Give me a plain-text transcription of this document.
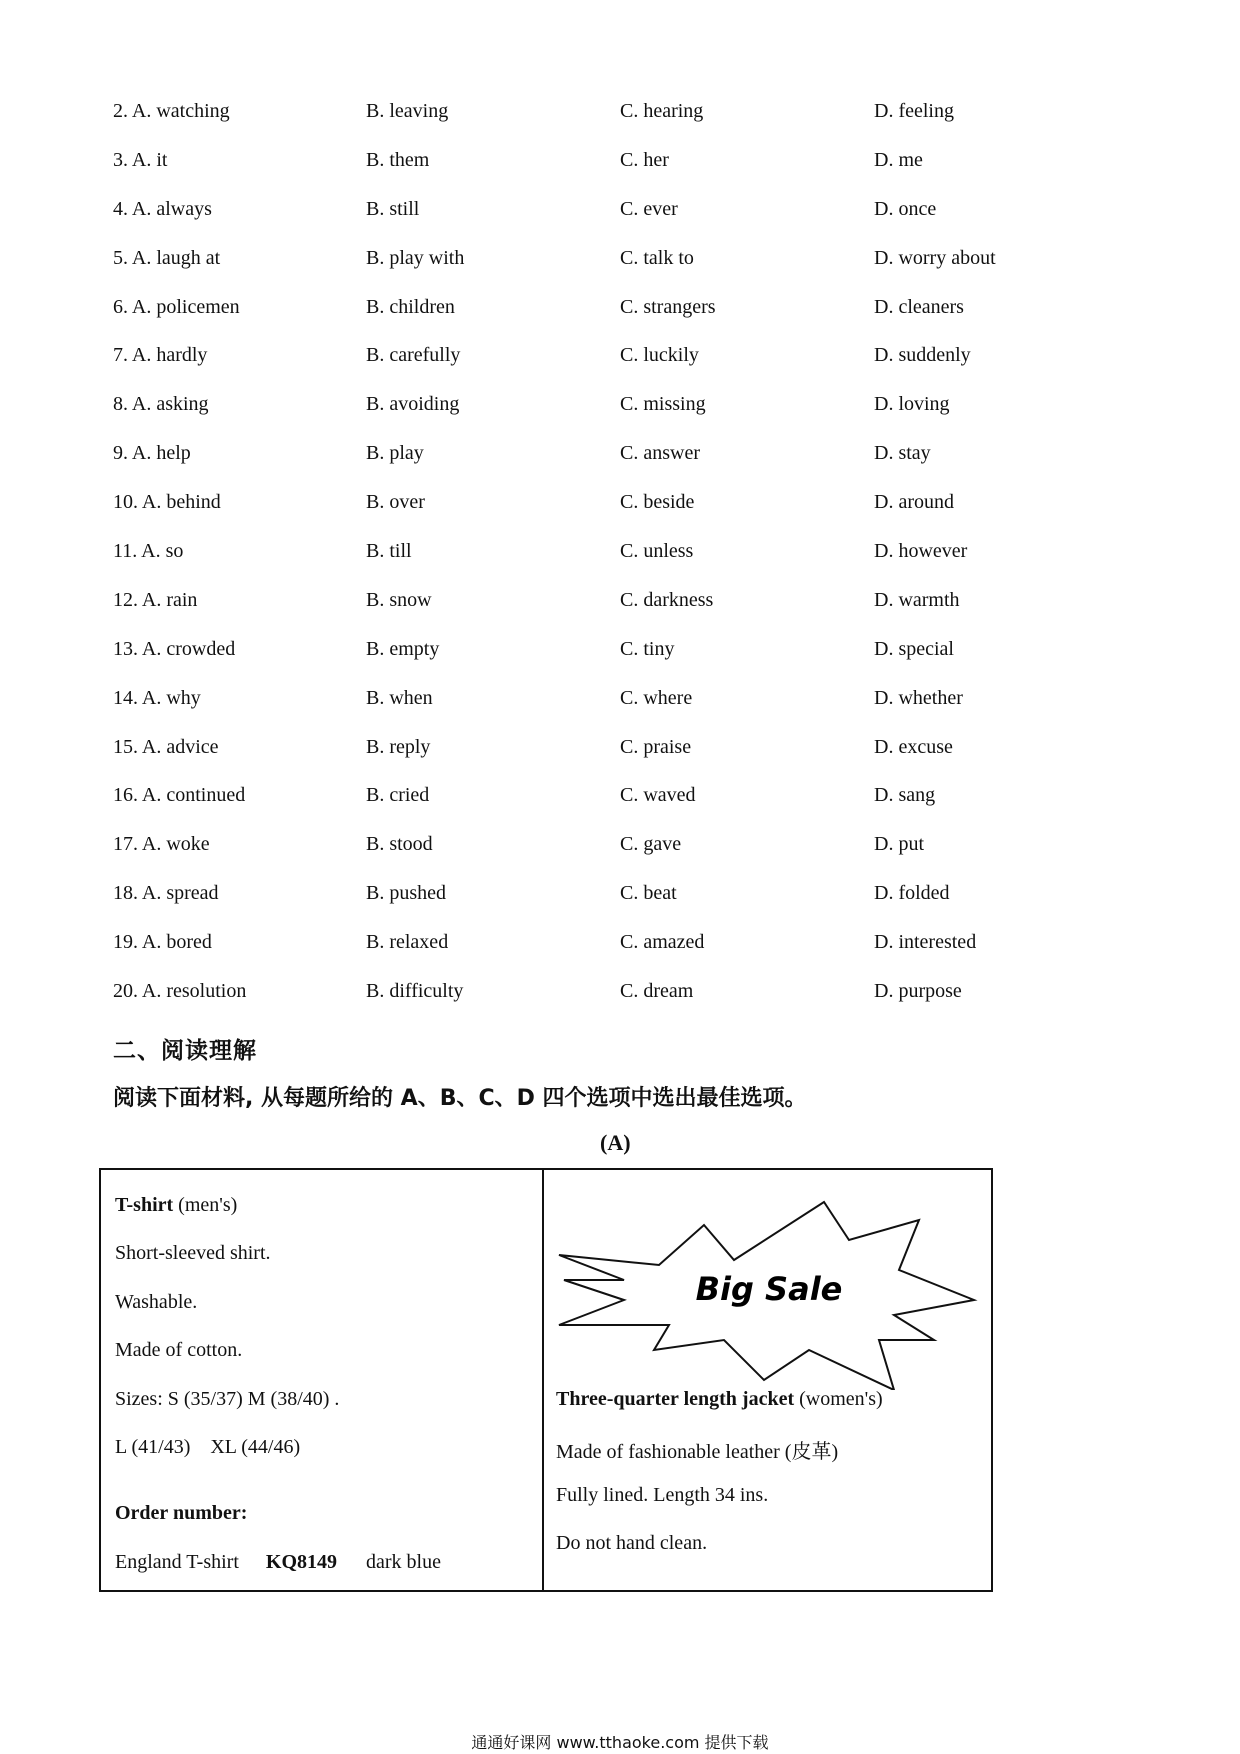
2. A. watching	B. leaving	C. hearing	D. feeling
3. A. it	B. them	C. her	D. me
4. A. always	B. still	C. ever	D. once
5. A. laugh at	B. play with	C. talk to	D. worry about
6. A. policemen	B. children	C. strangers	D. cleaners
7. A. hardly	B. carefully	C. luckily	D. suddenly
8. A. asking	B. avoiding	C. missing	D. loving
9. A. help	B. play	C. answer	D. stay
10. A. behind	B. over	C. beside	D. around
11. A. so	B. till	C. unless	D. however
12. A. rain	B. snow	C. darkness	D. warmth
13. A. crowded	B. empty	C. tiny	D. special
14. A. why	B. when	C. where	D. whether
15. A. advice	B. reply	C. praise	D. excuse
16. A. continued	B. cried	C. waved	D. sang
17. A. woke	B. stood	C. gave	D. put
18. A. spread	B. pushed	C. beat	D. folded
19. A. bored	B. relaxed	C. amazed	D. interested
20. A. resolution	B. difficulty	C. dream	D. purpose
二、阅读理解
阅读下面材料, 从每题所给的 A、B、C、D 四个选项中选出最佳选项。
(A)
T-shirt (men's)
Short-sleeved shirt.
Washable.
Made of cotton.
Sizes: S (35/37) M (38/40) .
L (41/43)    XL (44/46)
Order number:
England T-shirt KQ8149 dark blue
Big Sale
Three-quarter length jacket (women's)
Made of fashionable leather (皮革)
Fully lined. Length 34 ins.
Do not hand clean.
通通好课网 www.tthaoke.com 提供下载
